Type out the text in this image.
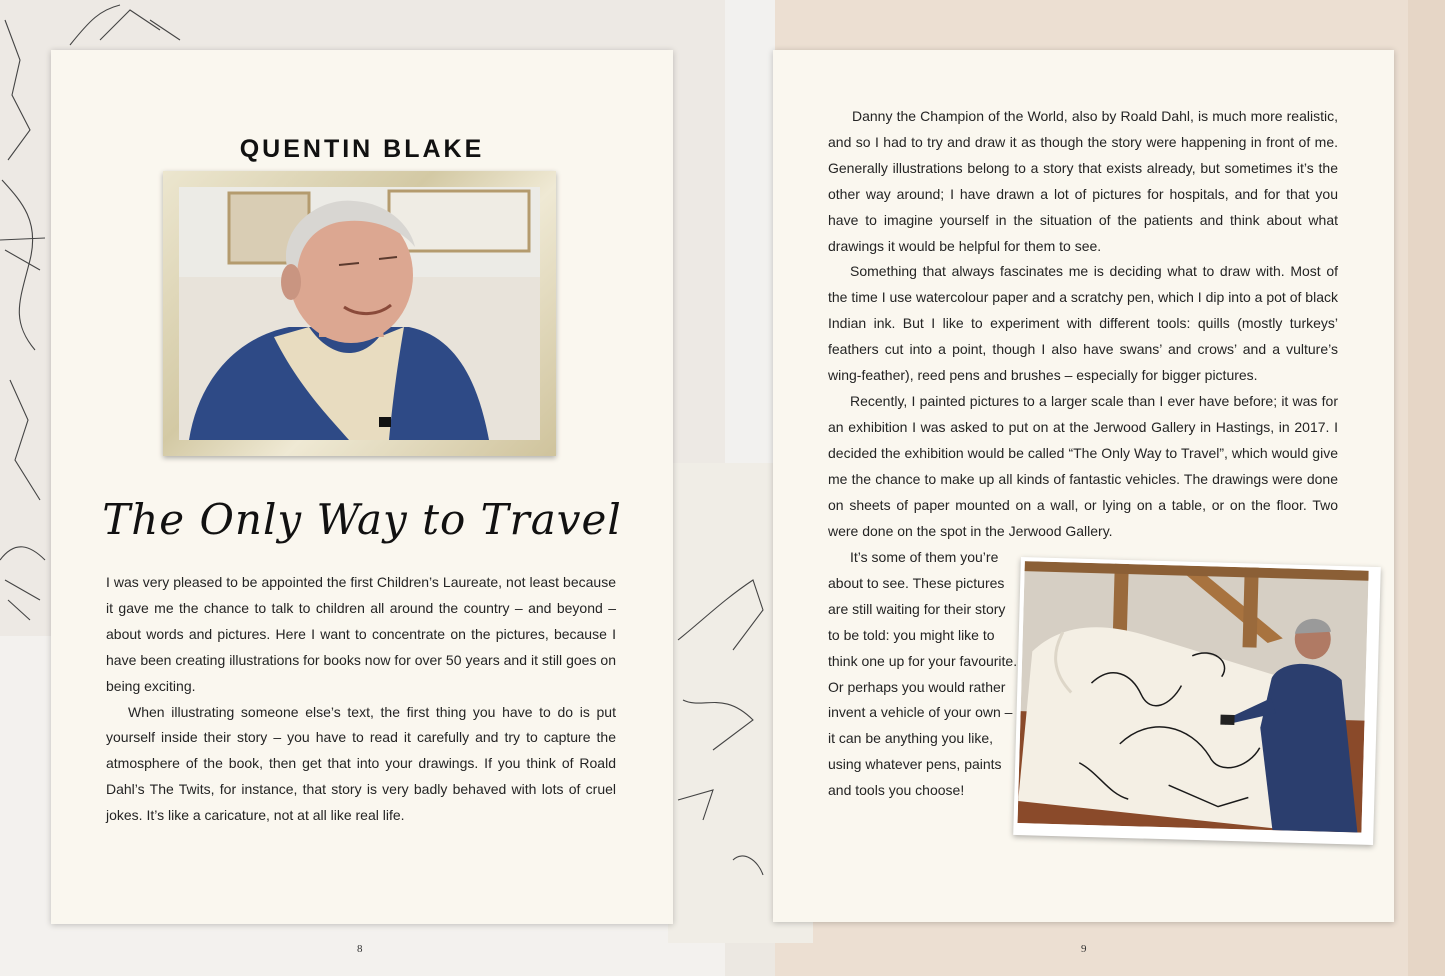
QUENTIN BLAKE
The Only Way to Travel

I was very pleased to be appointed the first Children’s Laureate, not least because it gave me the chance to talk to children all around the country – and beyond – about words and pictures. Here I want to concentrate on the pictures, because I have been creating illustrations for books now for over 50 years and it still goes on being exciting.

When illustrating someone else’s text, the first thing you have to do is put yourself inside their story – you have to read it carefully and try to capture the atmosphere of the book, then get that into your drawings. If you think of Roald Dahl’s The Twits, for instance, that story is very badly behaved with lots of cruel jokes. It’s like a caricature, not at all like real life.

Danny the Champion of the World, also by Roald Dahl, is much more realistic, and so I had to try and draw it as though the story were happening in front of me. Generally illustrations belong to a story that exists already, but sometimes it’s the other way around; I have drawn a lot of pictures for hospitals, and for that you have to imagine yourself in the situation of the patients and think about what drawings it would be helpful for them to see.

Something that always fascinates me is deciding what to draw with. Most of the time I use watercolour paper and a scratchy pen, which I dip into a pot of black Indian ink. But I like to experiment with different tools: quills (mostly turkeys’ feathers cut into a point, though I also have swans’ and crows’ and a vulture’s wing-feather), reed pens and brushes – especially for bigger pictures.

Recently, I painted pictures to a larger scale than I ever have before; it was for an exhibition I was asked to put on at the Jerwood Gallery in Hastings, in 2017. I decided the exhibition would be called “The Only Way to Travel”, which would give me the chance to make up all kinds of fantastic vehicles. The drawings were done on sheets of paper mounted on a wall, or lying on a table, or on the floor. Two were done on the spot in the Jerwood Gallery.

It’s some of them you’re about to see. These pictures are still waiting for their story to be told: you might like to think one up for your favourite. Or perhaps you would rather invent a vehicle of your own – it can be anything you like, using whatever pens, paints and tools you choose!

8	9
